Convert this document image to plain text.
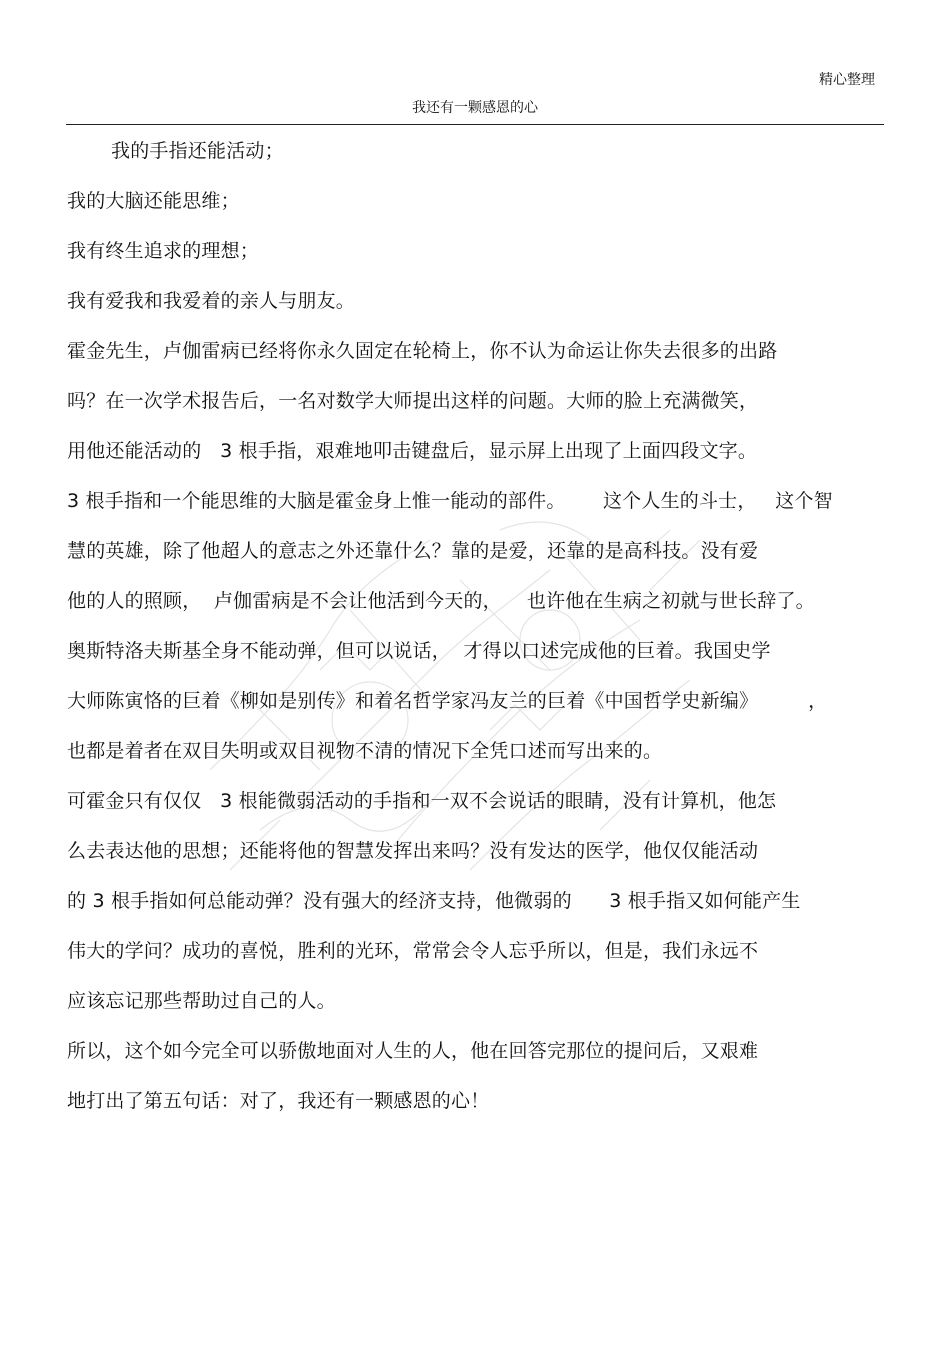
精心整理
我还有一颗感恩的心
我的手指还能活动；
我的大脑还能思维；
我有终生追求的理想；
我有爱我和我爱着的亲人与朋友。
霍金先生，卢伽雷病已经将你永久固定在轮椅上，你不认为命运让你失去很多的出路
吗？在一次学术报告后，一名对数学大师提出这样的问题。大师的脸上充满微笑，
用他还能活动的   3 根手指，艰难地叩击键盘后，显示屏上出现了上面四段文字。
3 根手指和一个能思维的大脑是霍金身上惟一能动的部件。      这个人生的斗士，   这个智
慧的英雄，除了他超人的意志之外还靠什么？靠的是爱，还靠的是高科技。没有爱
他的人的照顾，  卢伽雷病是不会让他活到今天的，    也许他在生病之初就与世长辞了。
奥斯特洛夫斯基全身不能动弹，但可以说话，  才得以口述完成他的巨着。我国史学
大师陈寅恪的巨着《柳如是别传》和着名哲学家冯友兰的巨着《中国哲学史新编》        ，
也都是着者在双目失明或双目视物不清的情况下全凭口述而写出来的。
可霍金只有仅仅   3 根能微弱活动的手指和一双不会说话的眼睛，没有计算机，他怎
么去表达他的思想；还能将他的智慧发挥出来吗？没有发达的医学，他仅仅能活动
的 3 根手指如何总能动弹？没有强大的经济支持，他微弱的      3 根手指又如何能产生
伟大的学问？成功的喜悦，胜利的光环，常常会令人忘乎所以，但是，我们永远不
应该忘记那些帮助过自己的人。
所以，这个如今完全可以骄傲地面对人生的人，他在回答完那位的提问后，又艰难
地打出了第五句话：对了，我还有一颗感恩的心！
